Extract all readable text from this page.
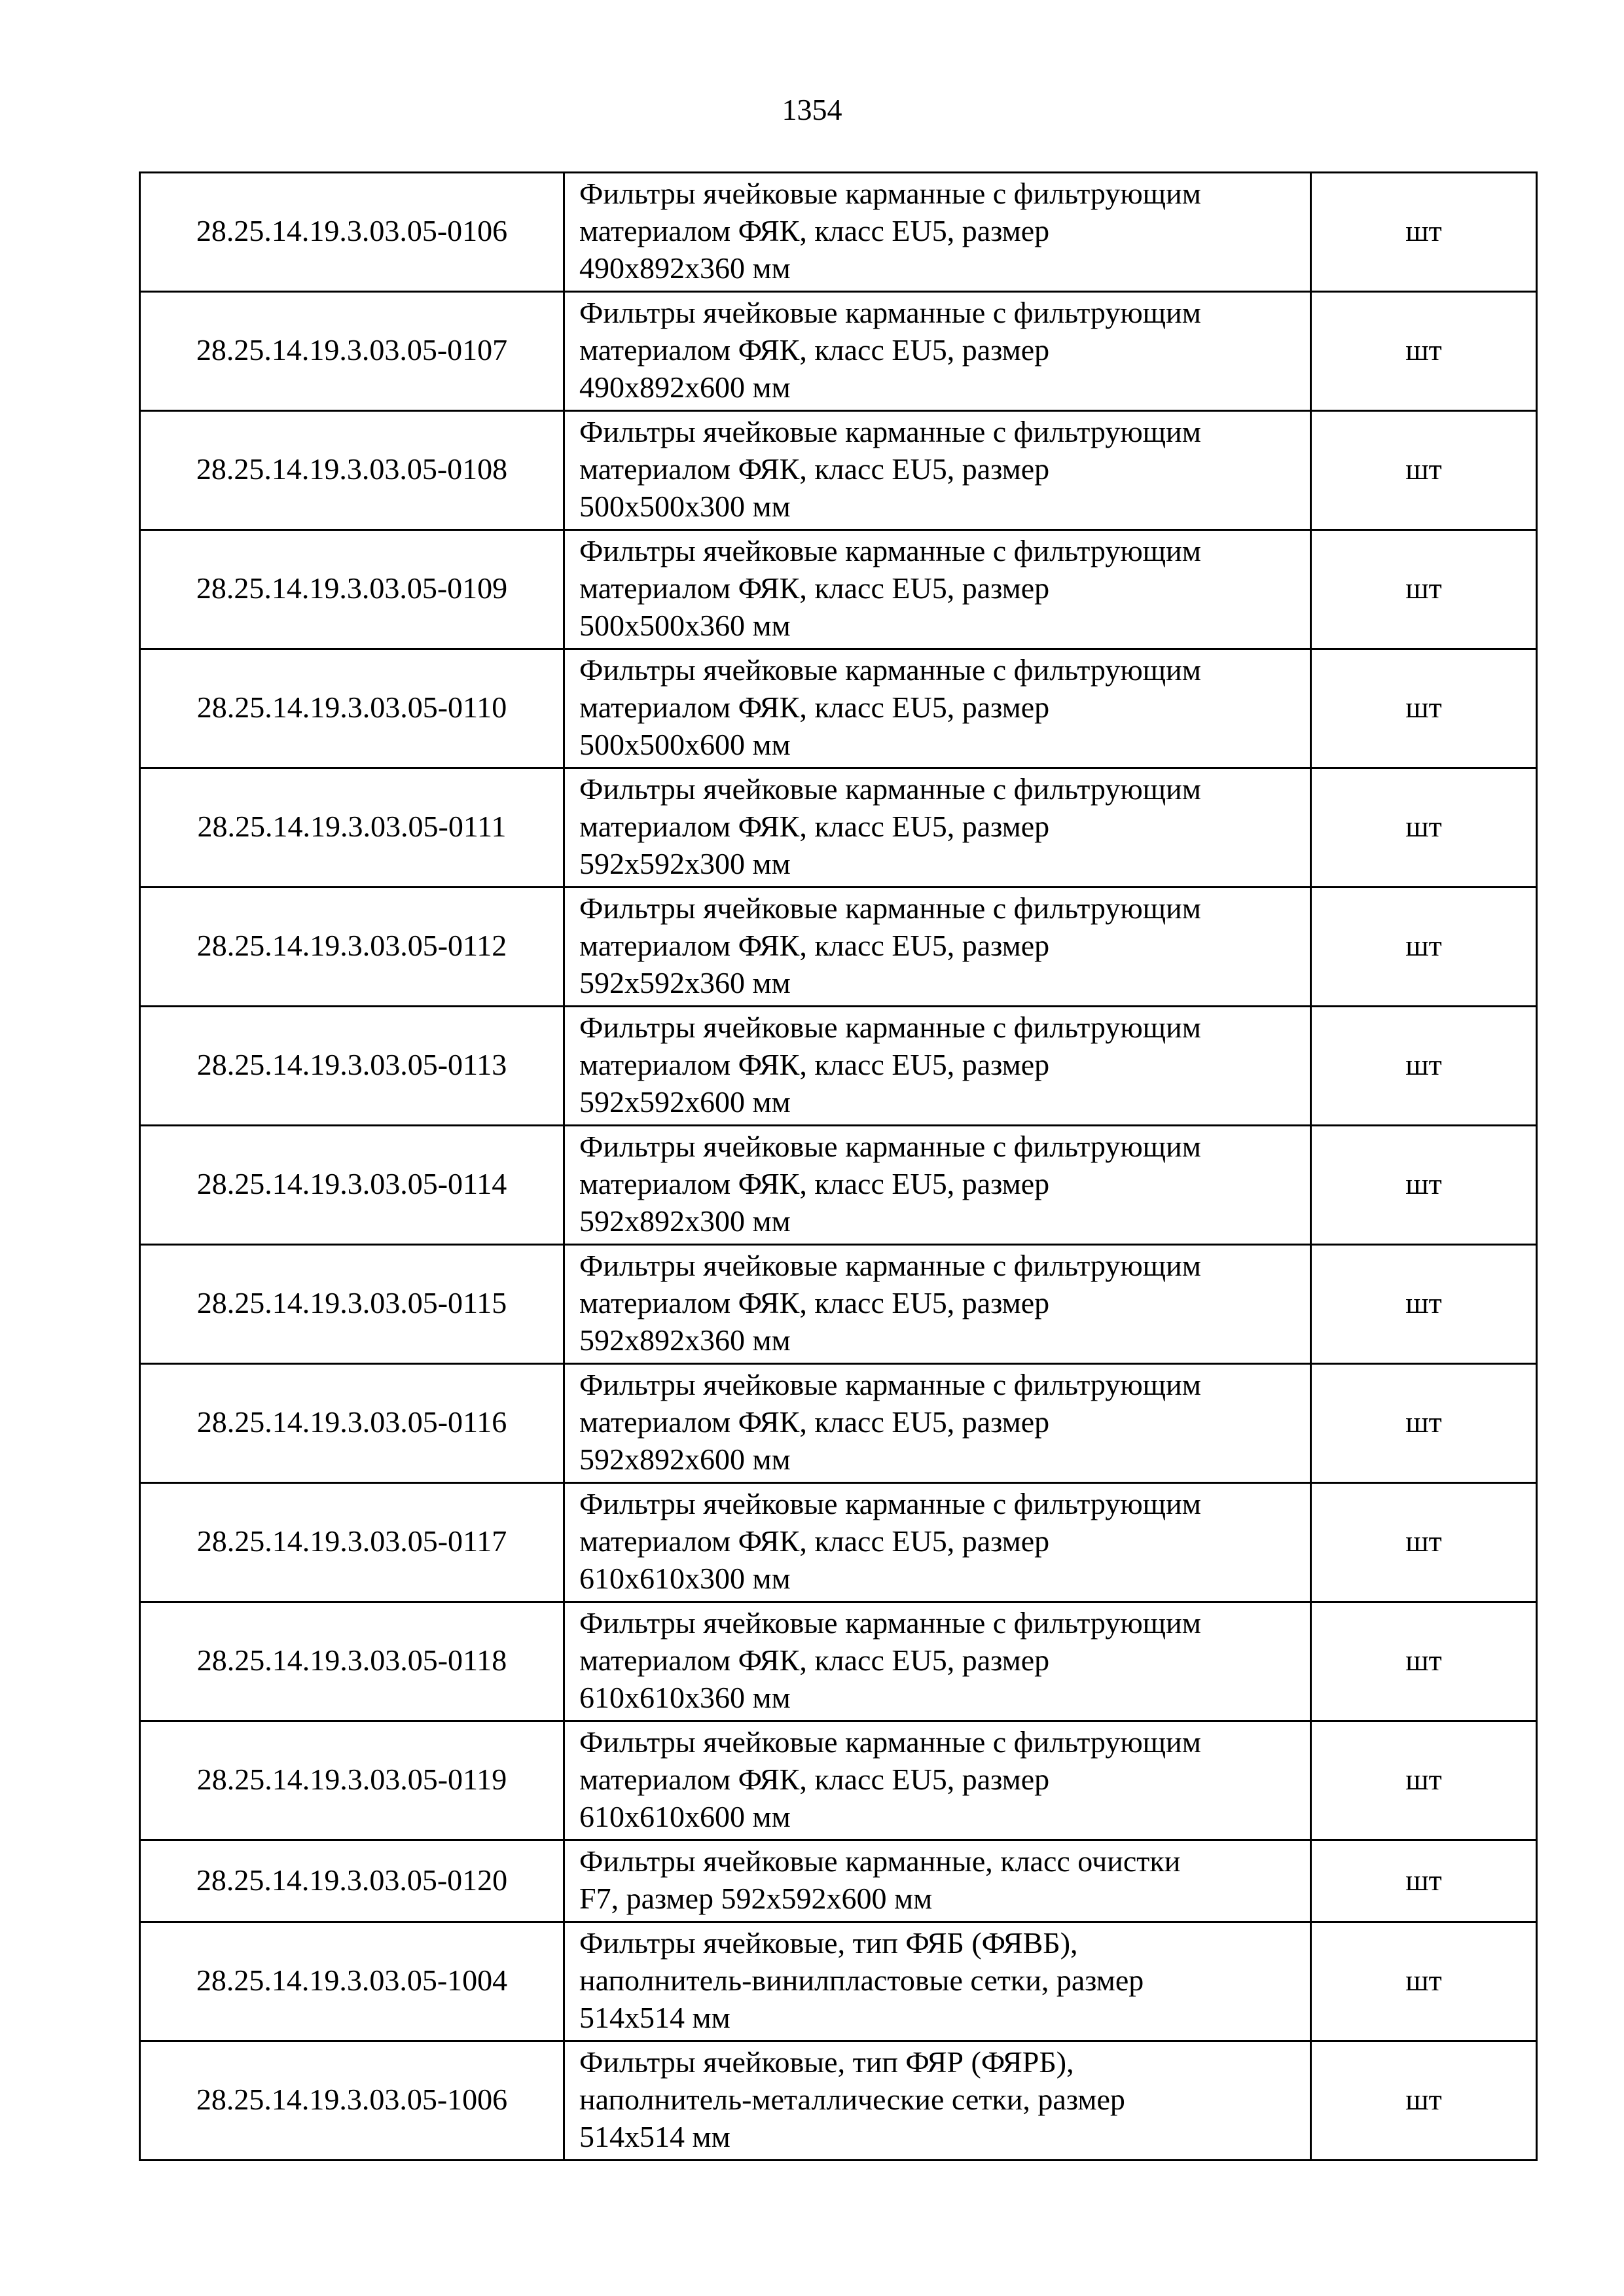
1354
28.25.14.19.3.03.05-0106	Фильтры ячейковые карманные с фильтрующим
материалом ФЯК, класс EU5, размер
490x892x360 мм	шт
28.25.14.19.3.03.05-0107	Фильтры ячейковые карманные с фильтрующим
материалом ФЯК, класс EU5, размер
490x892x600 мм	шт
28.25.14.19.3.03.05-0108	Фильтры ячейковые карманные с фильтрующим
материалом ФЯК, класс EU5, размер
500x500x300 мм	шт
28.25.14.19.3.03.05-0109	Фильтры ячейковые карманные с фильтрующим
материалом ФЯК, класс EU5, размер
500x500x360 мм	шт
28.25.14.19.3.03.05-0110	Фильтры ячейковые карманные с фильтрующим
материалом ФЯК, класс EU5, размер
500x500x600 мм	шт
28.25.14.19.3.03.05-0111	Фильтры ячейковые карманные с фильтрующим
материалом ФЯК, класс EU5, размер
592x592x300 мм	шт
28.25.14.19.3.03.05-0112	Фильтры ячейковые карманные с фильтрующим
материалом ФЯК, класс EU5, размер
592x592x360 мм	шт
28.25.14.19.3.03.05-0113	Фильтры ячейковые карманные с фильтрующим
материалом ФЯК, класс EU5, размер
592x592x600 мм	шт
28.25.14.19.3.03.05-0114	Фильтры ячейковые карманные с фильтрующим
материалом ФЯК, класс EU5, размер
592x892x300 мм	шт
28.25.14.19.3.03.05-0115	Фильтры ячейковые карманные с фильтрующим
материалом ФЯК, класс EU5, размер
592x892x360 мм	шт
28.25.14.19.3.03.05-0116	Фильтры ячейковые карманные с фильтрующим
материалом ФЯК, класс EU5, размер
592x892x600 мм	шт
28.25.14.19.3.03.05-0117	Фильтры ячейковые карманные с фильтрующим
материалом ФЯК, класс EU5, размер
610x610x300 мм	шт
28.25.14.19.3.03.05-0118	Фильтры ячейковые карманные с фильтрующим
материалом ФЯК, класс EU5, размер
610x610x360 мм	шт
28.25.14.19.3.03.05-0119	Фильтры ячейковые карманные с фильтрующим
материалом ФЯК, класс EU5, размер
610x610x600 мм	шт
28.25.14.19.3.03.05-0120	Фильтры ячейковые карманные, класс очистки
F7, размер 592x592x600 мм	шт
28.25.14.19.3.03.05-1004	Фильтры ячейковые, тип ФЯБ (ФЯВБ),
наполнитель-винилпластовые сетки, размер
514x514 мм	шт
28.25.14.19.3.03.05-1006	Фильтры ячейковые, тип ФЯР (ФЯРБ),
наполнитель-металлические сетки, размер
514x514 мм	шт
